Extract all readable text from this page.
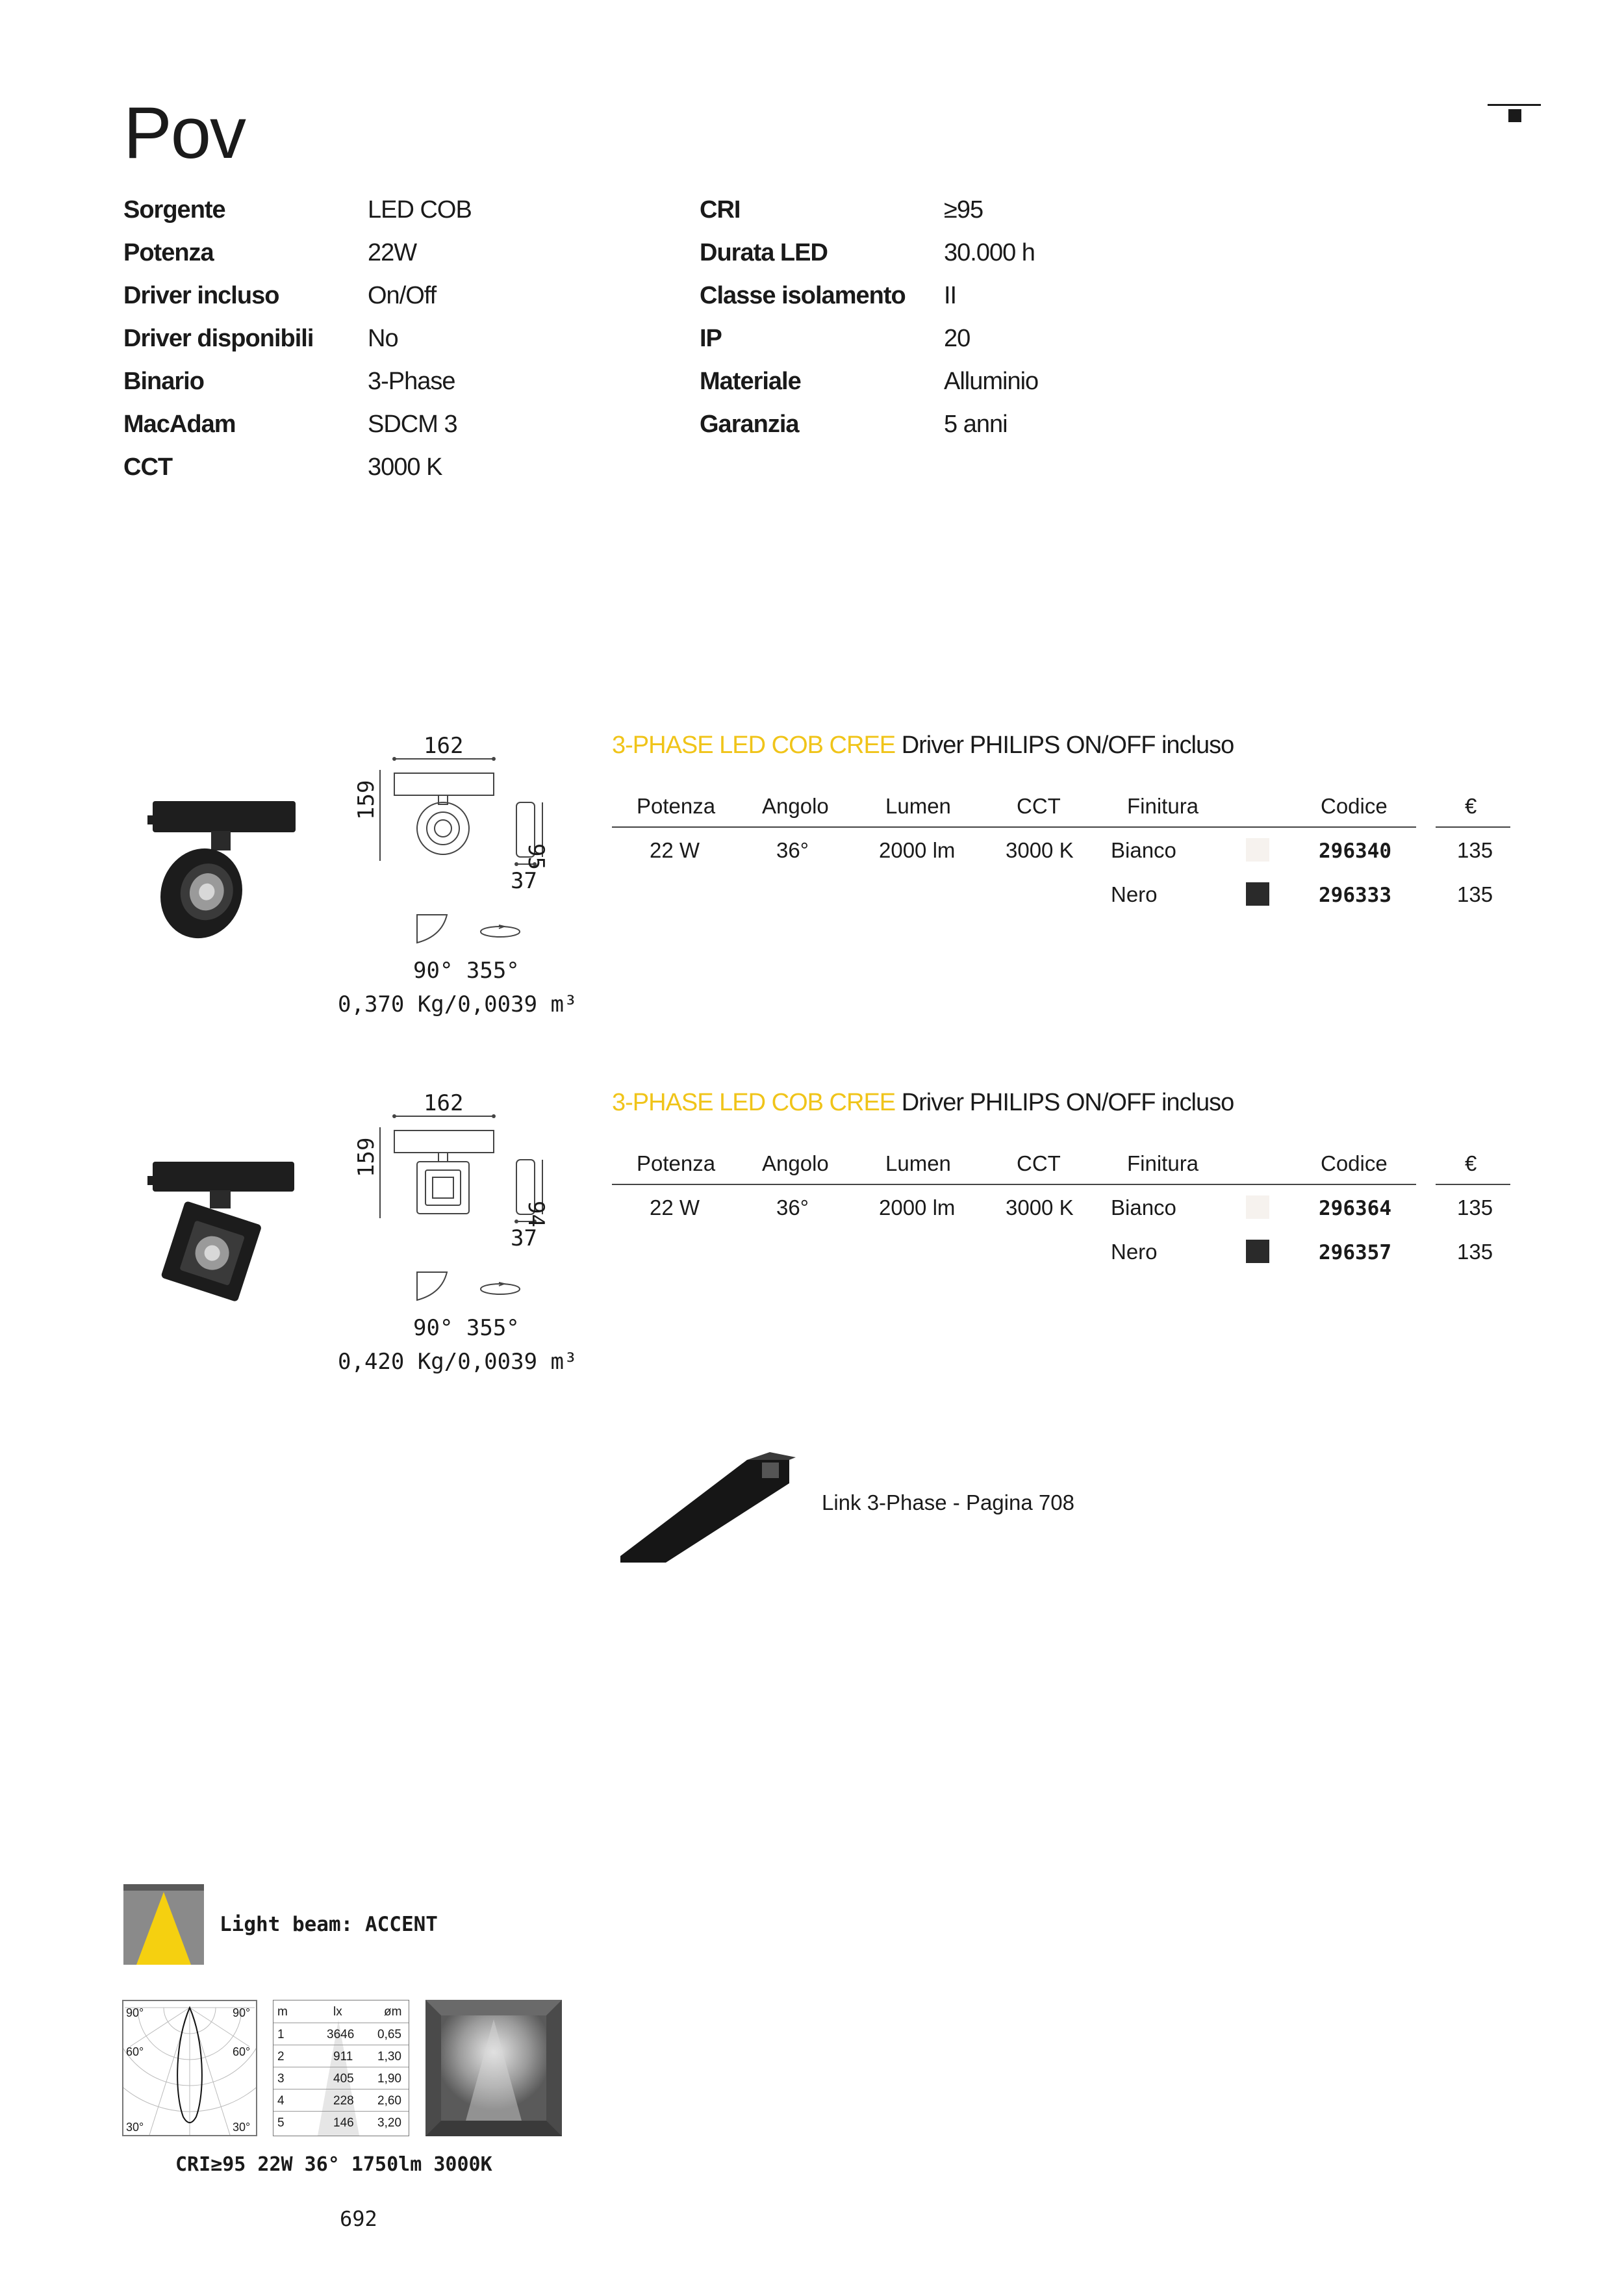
Pov
Sorgente	LED COB
Potenza	22W
Driver incluso	On/Off
Driver disponibili No
Binario	3-Phase
MacAdam	SDCM 3
CCT	3000 K
CRI	≥95
Durata LED	30.000 h
Classe isolamento II
IP	20
Materiale	Alluminio
Garanzia	5 anni
162
159
95
37
90° 355°
0,370 Kg/0,0039 m³
3-PHASE LED COB CREE Driver PHILIPS ON/OFF incluso
Potenza Angolo	Lumen	CCT	Finitura	Codice	€
22 W	36°	2000 lm 3000 K Bianco	296340	135
Nero	296333	135
162
159
94
37
90° 355°
0,420 Kg/0,0039 m³
3-PHASE LED COB CREE Driver PHILIPS ON/OFF incluso
Potenza Angolo	Lumen	CCT	Finitura	Codice	€
22 W	36°	2000 lm 3000 K Bianco	296364	135
Nero	296357	135
Link 3-Phase - Pagina 708
Light beam: ACCENT
90°	90°
60°	60°
30°	30°
m	lx	øm
1	3646 0,65
2	911 1,30
3	405 1,90
4	228 2,60
5	146 3,20
CRI≥95 22W 36° 1750lm 3000K
692
